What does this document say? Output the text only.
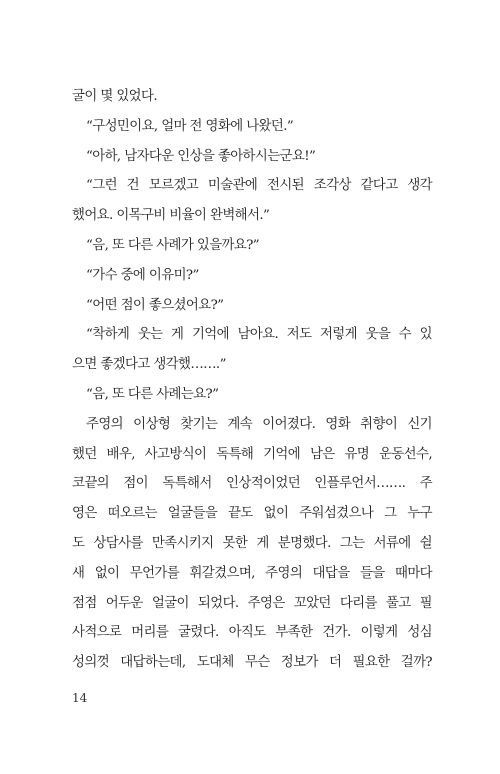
굴이 몇 있었다.
“구성민이요, 얼마 전 영화에 나왔던.”
“아하, 남자다운 인상을 좋아하시는군요!”
“그런 건 모르겠고 미술관에 전시된 조각상 같다고 생각
했어요. 이목구비 비율이 완벽해서.”
“음, 또 다른 사례가 있을까요?”
“가수 중에 이유미?”
“어떤 점이 좋으셨어요?”
“착하게 웃는 게 기억에 남아요. 저도 저렇게 웃을 수 있
으면 좋겠다고 생각했…….”
“음, 또 다른 사례는요?”
주영의 이상형 찾기는 계속 이어졌다. 영화 취향이 신기
했던 배우, 사고방식이 독특해 기억에 남은 유명 운동선수,
코끝의 점이 독특해서 인상적이었던 인플루언서……. 주
영은 떠오르는 얼굴들을 끝도 없이 주워섬겼으나 그 누구
도 상담사를 만족시키지 못한 게 분명했다. 그는 서류에 쉴
새 없이 무언가를 휘갈겼으며, 주영의 대답을 들을 때마다
점점 어두운 얼굴이 되었다. 주영은 꼬았던 다리를 풀고 필
사적으로 머리를 굴렸다. 아직도 부족한 건가. 이렇게 성심
성의껏 대답하는데, 도대체 무슨 정보가 더 필요한 걸까?
14
